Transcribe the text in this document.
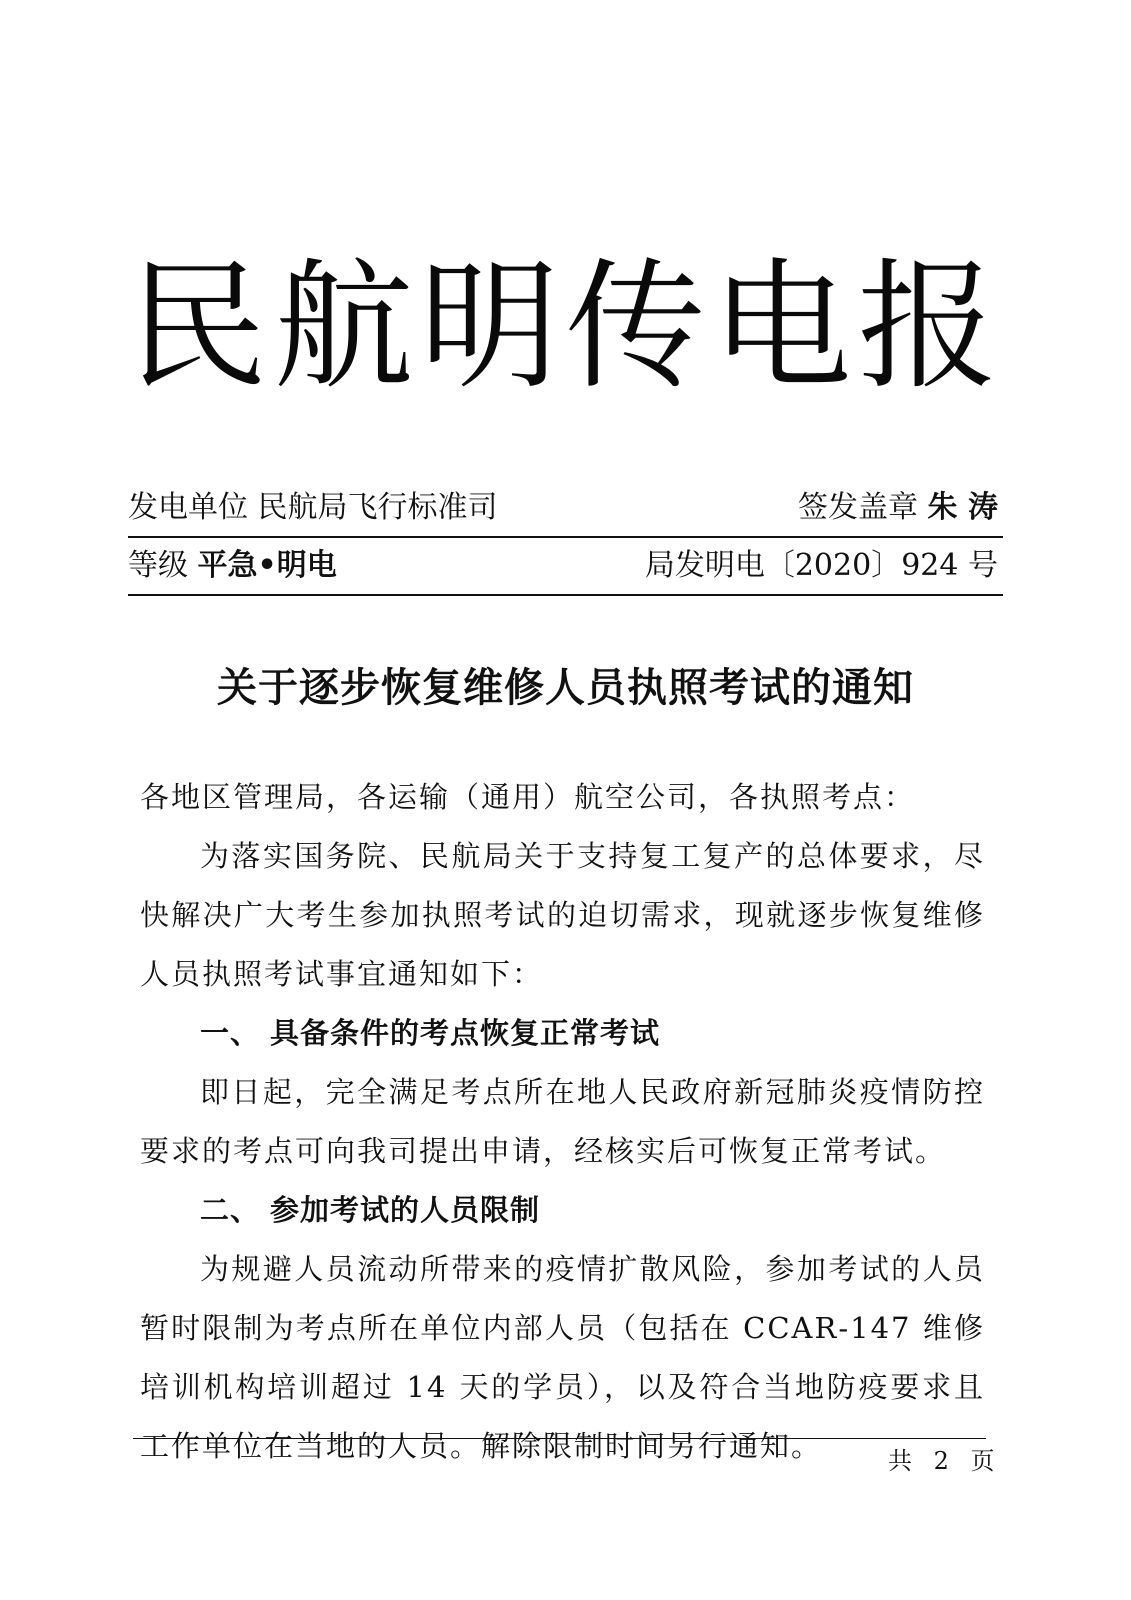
民航明传电报
发电单位 民航局飞行标准司	签发盖章 朱 涛
等级 平急•明电	局发明电〔2020〕924 号
关于逐步恢复维修人员执照考试的通知

各地区管理局，各运输（通用）航空公司，各执照考点：

为落实国务院、民航局关于支持复工复产的总体要求，尽快解决广大考生参加执照考试的迫切需求，现就逐步恢复维修人员执照考试事宜通知如下：

一、 具备条件的考点恢复正常考试

即日起，完全满足考点所在地人民政府新冠肺炎疫情防控要求的考点可向我司提出申请，经核实后可恢复正常考试。

二、 参加考试的人员限制

为规避人员流动所带来的疫情扩散风险，参加考试的人员暂时限制为考点所在单位内部人员（包括在 CCAR-147 维修培训机构培训超过 14 天的学员），以及符合当地防疫要求且工作单位在当地的人员。解除限制时间另行通知。	共 2 页
